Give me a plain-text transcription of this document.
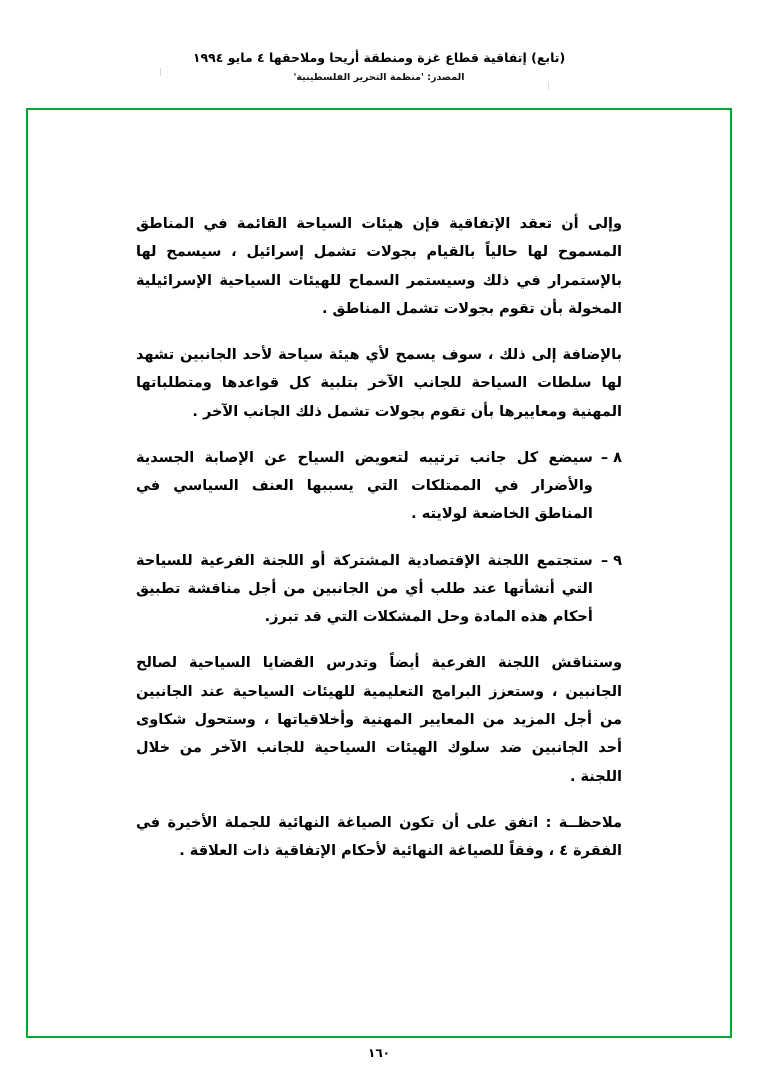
(تابع) إتفاقية قطاع غزة ومنطقة أريحا وملاحقها ٤ مايو ١٩٩٤
المصدر: 'منظمة التحرير الفلسطينية'

وإلى أن تعقد الإتفاقية فإن هيئات السياحة القائمة في المناطق المسموح لها حالياً بالقيام بجولات تشمل إسرائيل ، سيسمح لها بالإستمرار في ذلك وسيستمر السماح للهيئات السياحية الإسرائيلية المخولة بأن تقوم بجولات تشمل المناطق .

بالإضافة إلى ذلك ، سوف يسمح لأي هيئة سياحة لأحد الجانبين تشهد لها سلطات السياحة للجانب الآخر بتلبية كل قواعدها ومتطلباتها المهنية ومعاييرها بأن تقوم بجولات تشمل ذلك الجانب الآخر .

٨ –
سيضع كل جانب ترتيبه لتعويض السياح عن الإصابة الجسدية والأضرار في الممتلكات التي يسببها العنف السياسي في المناطق الخاضعة لولايته .
٩ –
ستجتمع اللجنة الإقتصادية المشتركة أو اللجنة الفرعية للسياحة التي أنشأتها عند طلب أي من الجانبين من أجل مناقشة تطبيق أحكام هذه المادة وحل المشكلات التي قد تبرز.

وستناقش اللجنة الفرعية أيضاً وتدرس القضايا السياحية لصالح الجانبين ، وستعزز البرامج التعليمية للهيئات السياحية عند الجانبين من أجل المزيد من المعايير المهنية وأخلاقياتها ، وستحول شكاوى أحد الجانبين ضد سلوك الهيئات السياحية للجانب الآخر من خلال اللجنة .

ملاحظــة : اتفق على أن تكون الصياغة النهائية للجملة الأخيرة في الفقرة ٤ ، وفقاً للصياغة النهائية لأحكام الإتفاقية ذات العلاقة .

١٦٠
